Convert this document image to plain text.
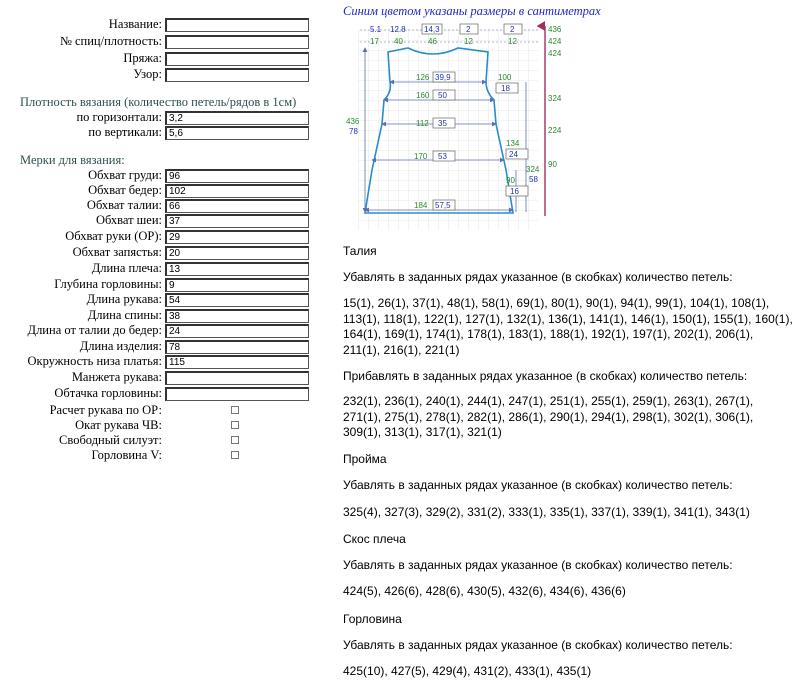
Название:
№ спиц/плотность:
Пряжа:
Узор:
Плотность вязания (количество петель/рядов в 1см)
по горизонтали: 3,2
по вертикали: 5,6
Мерки для вязания:
Обхват груди: 96
Обхват бедер: 102
Обхват талии: 66
Обхват шеи: 37
Обхват руки (ОР): 29
Обхват запястья: 20
Длина плеча: 13
Глубина горловины: 9
Длина рукава: 54
Длина спины: 38
Длина от талии до бедер: 24
Длина изделия: 78
Окружность низа платья: 115
Манжета рукава:
Обтачка горловины:
Расчет рукава по ОР:
Окат рукава ЧВ:
Свободный силуэт:
Горловина V:
Синим цветом указаны размеры в сантиметрах
5.1 12.8 14,3	2	2
17 40	46	12	12
436
424
424
324
224
126 39,9
160 50
112 35
170 53
184 57,5
436
78
100
18
134
24
90
16
324
58
90
Талия
Убавлять в заданных рядах указанное (в скобках) количество петель:
15(1), 26(1), 37(1), 48(1), 58(1), 69(1), 80(1), 90(1), 94(1), 99(1), 104(1), 108(1), 113(1), 118(1), 122(1), 127(1), 132(1), 136(1), 141(1), 146(1), 150(1), 155(1), 160(1), 164(1), 169(1), 174(1), 178(1), 183(1), 188(1), 192(1), 197(1), 202(1), 206(1), 211(1), 216(1), 221(1)
Прибавлять в заданных рядах указанное (в скобках) количество петель:
232(1), 236(1), 240(1), 244(1), 247(1), 251(1), 255(1), 259(1), 263(1), 267(1), 271(1), 275(1), 278(1), 282(1), 286(1), 290(1), 294(1), 298(1), 302(1), 306(1), 309(1), 313(1), 317(1), 321(1)
Пройма
Убавлять в заданных рядах указанное (в скобках) количество петель:
325(4), 327(3), 329(2), 331(2), 333(1), 335(1), 337(1), 339(1), 341(1), 343(1)
Скос плеча
Убавлять в заданных рядах указанное (в скобках) количество петель:
424(5), 426(6), 428(6), 430(5), 432(6), 434(6), 436(6)
Горловина
Убавлять в заданных рядах указанное (в скобках) количество петель:
425(10), 427(5), 429(4), 431(2), 433(1), 435(1)
